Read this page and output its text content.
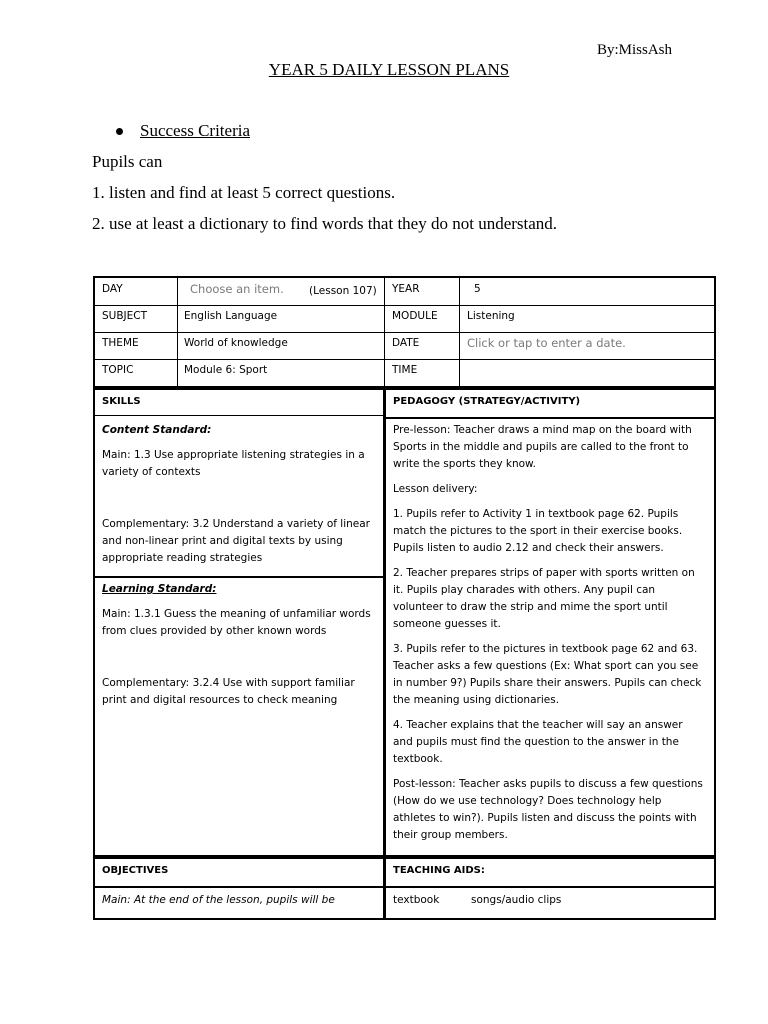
By:MissAsh
YEAR 5 DAILY LESSON PLANS
Success Criteria
Pupils can
1. listen and find at least 5 correct questions.
2. use at least a dictionary to find words that they do not understand.
DAY	Choose an item.	(Lesson 107)	YEAR	5
SUBJECT	English Language	MODULE	Listening
THEME	World of knowledge	DATE	Click or tap to enter a date.
TOPIC	Module 6: Sport	TIME
SKILLS
Content Standard:
Main: 1.3 Use appropriate listening strategies in a variety of contexts
Complementary: 3.2 Understand a variety of linear and non-linear print and digital texts by using appropriate reading strategies
Learning Standard:
Main: 1.3.1 Guess the meaning of unfamiliar words from clues provided by other known words
Complementary: 3.2.4 Use with support familiar print and digital resources to check meaning
PEDAGOGY (STRATEGY/ACTIVITY)
Pre-lesson: Teacher draws a mind map on the board with Sports in the middle and pupils are called to the front to write the sports they know.
Lesson delivery:
1. Pupils refer to Activity 1 in textbook page 62. Pupils match the pictures to the sport in their exercise books. Pupils listen to audio 2.12 and check their answers.
2. Teacher prepares strips of paper with sports written on it. Pupils play charades with others. Any pupil can volunteer to draw the strip and mime the sport until someone guesses it.
3. Pupils refer to the pictures in textbook page 62 and 63. Teacher asks a few questions (Ex: What sport can you see in number 9?) Pupils share their answers. Pupils can check the meaning using dictionaries.
4. Teacher explains that the teacher will say an answer and pupils must find the question to the answer in the textbook.
Post-lesson: Teacher asks pupils to discuss a few questions (How do we use technology? Does technology help athletes to win?). Pupils listen and discuss the points with their group members.
OBJECTIVES
Main: At the end of the lesson, pupils will be
TEACHING AIDS:
textbook	songs/audio clips
